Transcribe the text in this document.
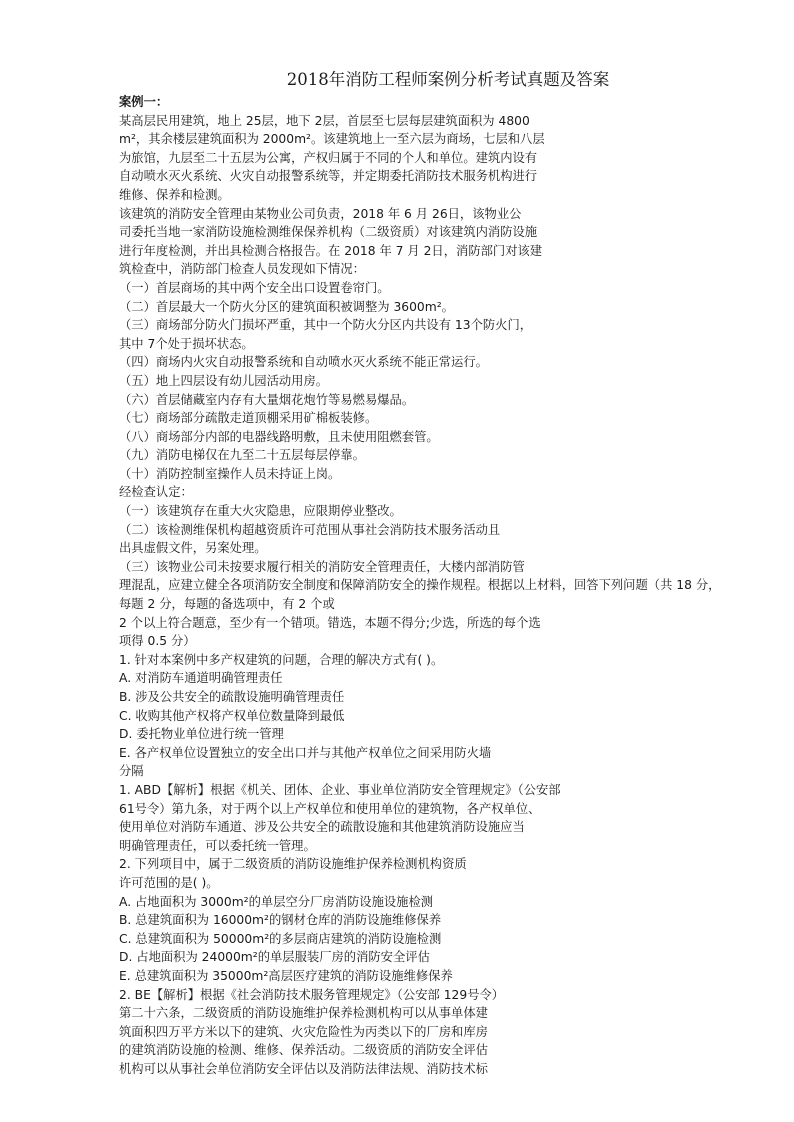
2018年消防工程师案例分析考试真题及答案
案例一：
某高层民用建筑，地上 25层，地下 2层，首层至七层每层建筑面积为 4800
m²，其余楼层建筑面积为 2000m²。该建筑地上一至六层为商场，七层和八层
为旅馆，九层至二十五层为公寓，产权归属于不同的个人和单位。建筑内设有
自动喷水灭火系统、火灾自动报警系统等，并定期委托消防技术服务机构进行
维修、保养和检测。
该建筑的消防安全管理由某物业公司负责，2018 年 6 月 26日，该物业公
司委托当地一家消防设施检测维保保养机构（二级资质）对该建筑内消防设施
进行年度检测，并出具检测合格报告。在 2018 年 7 月 2日，消防部门对该建
筑检查中，消防部门检查人员发现如下情况：
（一）首层商场的其中两个安全出口设置卷帘门。
（二）首层最大一个防火分区的建筑面积被调整为 3600m²。
（三）商场部分防火门损坏严重，其中一个防火分区内共设有 13个防火门，
其中 7个处于损坏状态。
（四）商场内火灾自动报警系统和自动喷水灭火系统不能正常运行。
（五）地上四层设有幼儿园活动用房。
（六）首层储藏室内存有大量烟花炮竹等易燃易爆品。
（七）商场部分疏散走道顶棚采用矿棉板装修。
（八）商场部分内部的电器线路明敷，且未使用阻燃套管。
（九）消防电梯仅在九至二十五层每层停靠。
（十）消防控制室操作人员未持证上岗。
经检查认定：
（一）该建筑存在重大火灾隐患，应限期停业整改。
（二）该检测维保机构超越资质许可范围从事社会消防技术服务活动且
出具虚假文件，另案处理。
（三）该物业公司未按要求履行相关的消防安全管理责任，大楼内部消防管
理混乱，应建立健全各项消防安全制度和保障消防安全的操作规程。根据以上材料，回答下列问题（共 18 分，
每题 2 分，每题的备选项中，有 2 个或
2 个以上符合题意，至少有一个错项。错选，本题不得分;少选，所选的每个选
项得 0.5 分）
1. 针对本案例中多产权建筑的问题，合理的解决方式有( )。
A. 对消防车通道明确管理责任
B. 涉及公共安全的疏散设施明确管理责任
C. 收购其他产权将产权单位数量降到最低
D. 委托物业单位进行统一管理
E. 各产权单位设置独立的安全出口并与其他产权单位之间采用防火墙
分隔
1. ABD【解析】根据《机关、团体、企业、事业单位消防安全管理规定》（公安部
61号令）第九条，对于两个以上产权单位和使用单位的建筑物，各产权单位、
使用单位对消防车通道、涉及公共安全的疏散设施和其他建筑消防设施应当
明确管理责任，可以委托统一管理。
2. 下列项目中，属于二级资质的消防设施维护保养检测机构资质
许可范围的是( )。
A. 占地面积为 3000m²的单层空分厂房消防设施设施检测
B. 总建筑面积为 16000m²的钢材仓库的消防设施维修保养
C. 总建筑面积为 50000m²的多层商店建筑的消防设施检测
D. 占地面积为 24000m²的单层服装厂房的消防安全评估
E. 总建筑面积为 35000m²高层医疗建筑的消防设施维修保养
2. BE【解析】根据《社会消防技术服务管理规定》（公安部 129号令）
第二十六条，二级资质的消防设施维护保养检测机构可以从事单体建
筑面积四万平方米以下的建筑、火灾危险性为丙类以下的厂房和库房
的建筑消防设施的检测、维修、保养活动。二级资质的消防安全评估
机构可以从事社会单位消防安全评估以及消防法律法规、消防技术标
